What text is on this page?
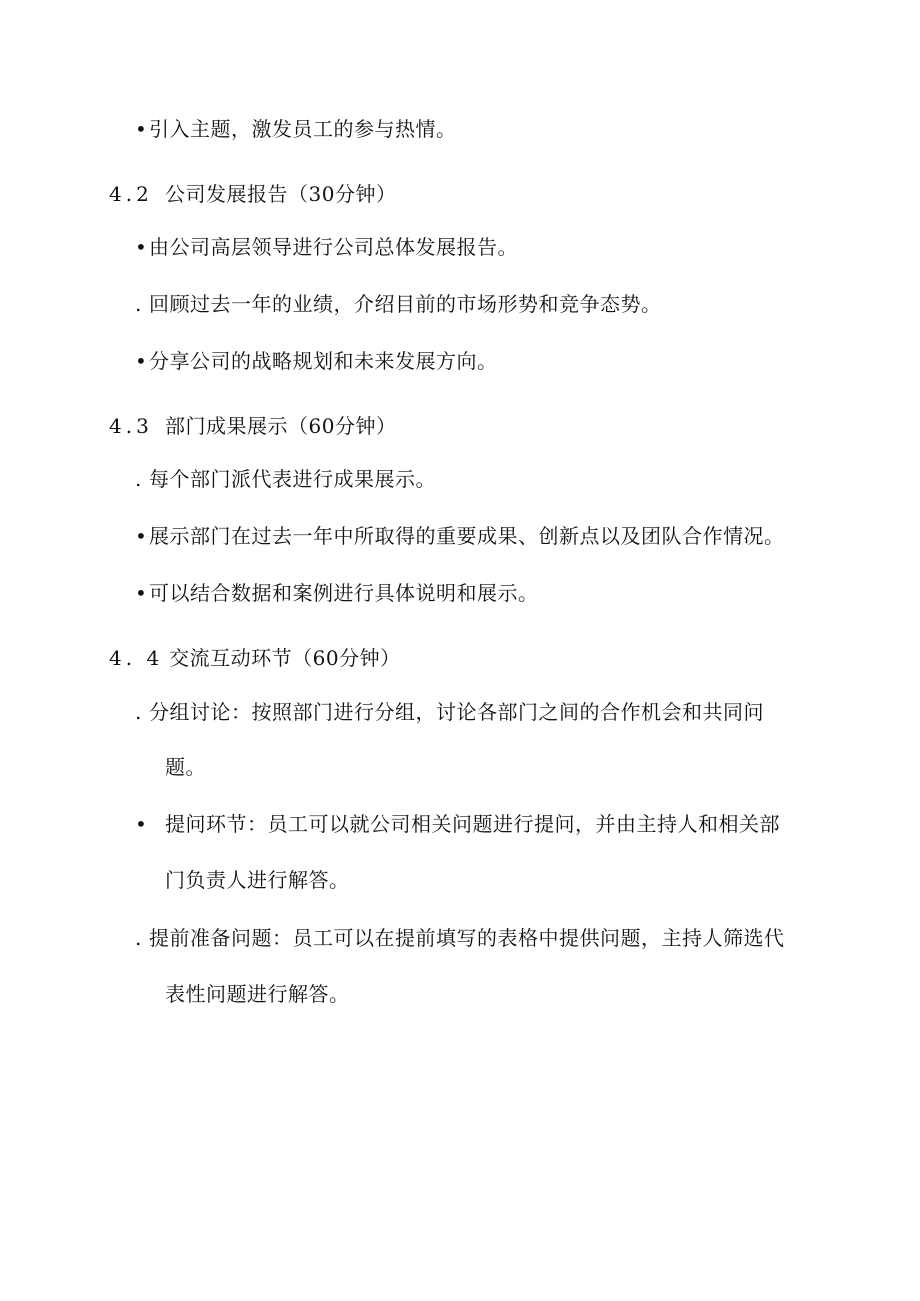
•引入主题，激发员工的参与热情。
4.2 公司发展报告（30分钟）
•由公司高层领导进行公司总体发展报告。
. 回顾过去一年的业绩，介绍目前的市场形势和竞争态势。
•分享公司的战略规划和未来发展方向。
4.3 部门成果展示（60分钟）
. 每个部门派代表进行成果展示。
•展示部门在过去一年中所取得的重要成果、创新点以及团队合作情况。
•可以结合数据和案例进行具体说明和展示。
4. 4 交流互动环节（60分钟）
. 分组讨论：按照部门进行分组，讨论各部门之间的合作机会和共同问
题。
• 提问环节：员工可以就公司相关问题进行提问，并由主持人和相关部
门负责人进行解答。
. 提前准备问题：员工可以在提前填写的表格中提供问题，主持人筛选代
表性问题进行解答。
